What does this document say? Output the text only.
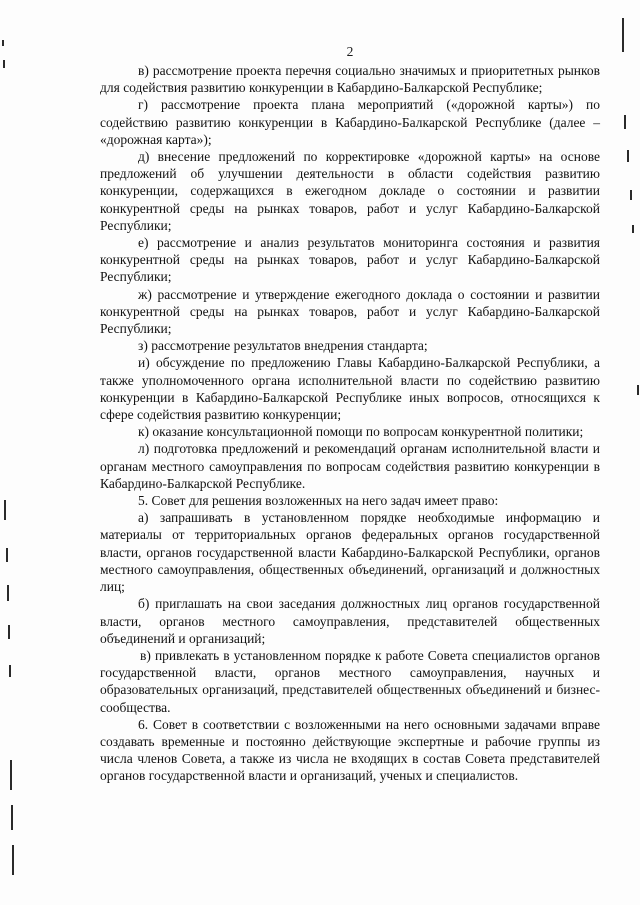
2

в) рассмотрение проекта перечня социально значимых и приоритетных рынков для содействия развитию конкуренции в Кабардино-Балкарской Республике;

г) рассмотрение проекта плана мероприятий («дорожной карты») по содействию развитию конкуренции в Кабардино-Балкарской Республике (далее – «дорожная карта»);

д) внесение предложений по корректировке «дорожной карты» на основе предложений об улучшении деятельности в области содействия развитию конкуренции, содержащихся в ежегодном докладе о состоянии и развитии конкурентной среды на рынках товаров, работ и услуг Кабардино-Балкарской Республики;

е) рассмотрение и анализ результатов мониторинга состояния и развития конкурентной среды на рынках товаров, работ и услуг Кабардино-Балкарской Республики;

ж) рассмотрение и утверждение ежегодного доклада о состоянии и развитии конкурентной среды на рынках товаров, работ и услуг Кабардино-Балкарской Республики;

з) рассмотрение результатов внедрения стандарта;

и) обсуждение по предложению Главы Кабардино-Балкарской Республики, а также уполномоченного органа исполнительной власти по содействию развитию конкуренции в Кабардино-Балкарской Республике иных вопросов, относящихся к сфере содействия развитию конкуренции;

к) оказание консультационной помощи по вопросам конкурентной политики;

л) подготовка предложений и рекомендаций органам исполнительной власти и органам местного самоуправления по вопросам содействия развитию конкуренции в Кабардино-Балкарской Республике.

5. Совет для решения возложенных на него задач имеет право:

а) запрашивать в установленном порядке необходимые информацию и материалы от территориальных органов федеральных органов государственной власти, органов государственной власти Кабардино-Балкарской Республики, органов местного самоуправления, общественных объединений, организаций и должностных лиц;

б) приглашать на свои заседания должностных лиц органов государственной власти, органов местного самоуправления, представителей общественных объединений и организаций;

в) привлекать в установленном порядке к работе Совета специалистов органов государственной власти, органов местного самоуправления, научных и образовательных организаций, представителей общественных объединений и бизнес-сообщества.

6. Совет в соответствии с возложенными на него основными задачами вправе создавать временные и постоянно действующие экспертные и рабочие группы из числа членов Совета, а также из числа не входящих в состав Совета представителей органов государственной власти и организаций, ученых и специалистов.
